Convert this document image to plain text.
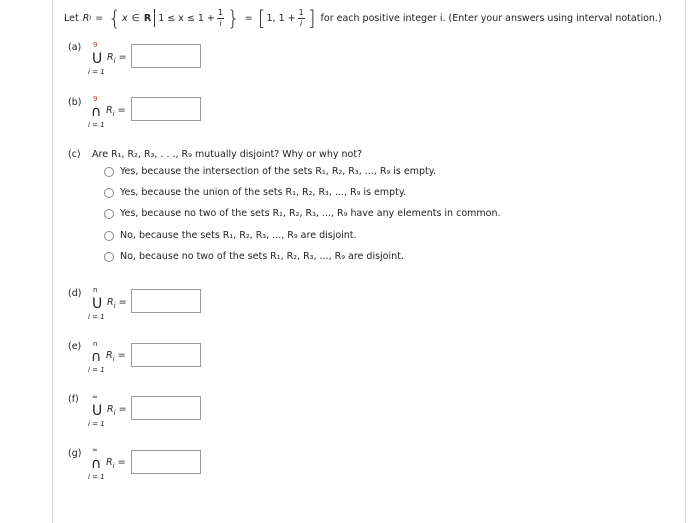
Let R i = { x ∈ R $1 \le x \le 1 + \frac{1}{i}$ } = [ 1, $1 + \frac{1}{i}$ ] for each positive integer i. (Enter your answers using interval notation.)
(a) 9
U
i = 1
$R_i$ =
(b) 9
∩
i = 1
$R_i$ =
(c) Are R₁, R₂, R₃, . . ., R₉ mutually disjoint? Why or why not?
Yes, because the intersection of the sets R₁, R₂, R₃, ..., R₉ is empty.
Yes, because the union of the sets R₁, R₂, R₃, ..., R₉ is empty.
Yes, because no two of the sets R₁, R₂, R₃, ..., R₉ have any elements in common.
No, because the sets R₁, R₂, R₃, ..., R₉ are disjoint.
No, because no two of the sets R₁, R₂, R₃, ..., R₉ are disjoint.
(d) n
U
i = 1
$R_i$ =
(e) n
∩
i = 1
$R_i$ =
(f) ∞
U
i = 1
$R_i$ =
(g) ∞
∩
i = 1
$R_i$ =
